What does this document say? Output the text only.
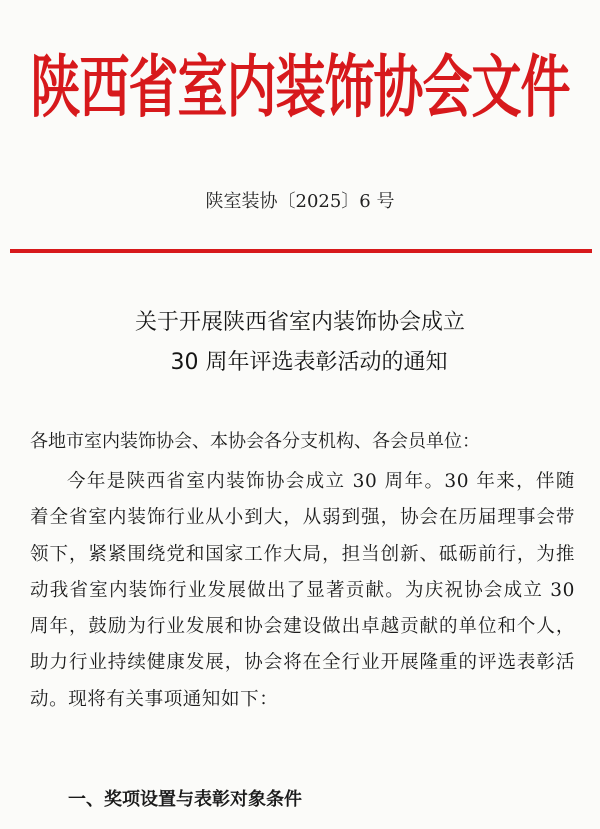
陕西省室内装饰协会文件
陕室装协〔2025〕6 号
关于开展陕西省室内装饰协会成立
30 周年评选表彰活动的通知
各地市室内装饰协会、本协会各分支机构、各会员单位：
今年是陕西省室内装饰协会成立 30 周年。30 年来，伴随着全省室内装饰行业从小到大，从弱到强，协会在历届理事会带领下，紧紧围绕党和国家工作大局，担当创新、砥砺前行，为推动我省室内装饰行业发展做出了显著贡献。为庆祝协会成立 30 周年，鼓励为行业发展和协会建设做出卓越贡献的单位和个人，助力行业持续健康发展，协会将在全行业开展隆重的评选表彰活动。现将有关事项通知如下：
一、奖项设置与表彰对象条件
